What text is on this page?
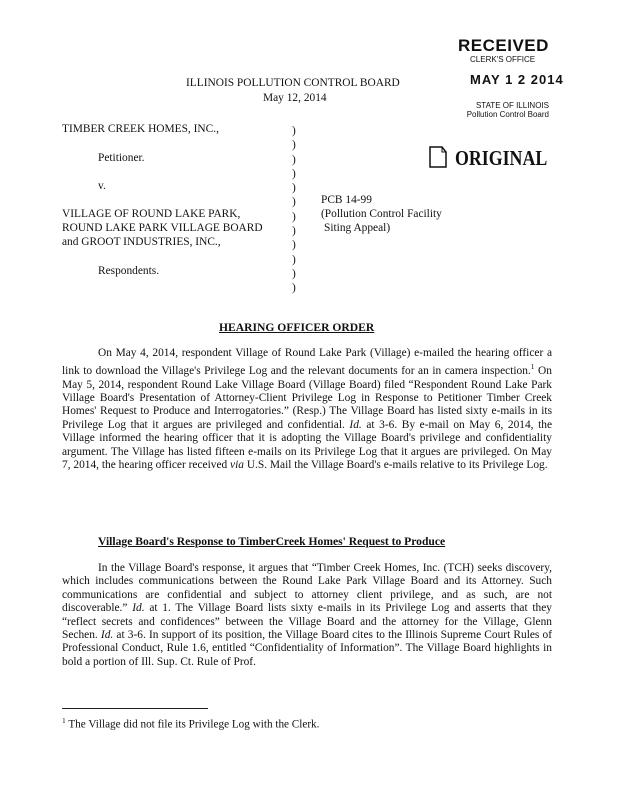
RECEIVED
CLERK'S OFFICE
MAY 1 2 2014
STATE OF ILLINOIS
Pollution Control Board
ORIGINAL
ILLINOIS POLLUTION CONTROL BOARD
May 12, 2014
TIMBER CREEK HOMES, INC.,
Petitioner.
v.
VILLAGE OF ROUND LAKE PARK,
ROUND LAKE PARK VILLAGE BOARD
and GROOT INDUSTRIES, INC.,
Respondents.
)
)
)
)
)
)
)
)
)
)
)
)
PCB 14-99
(Pollution Control Facility
Siting Appeal)
HEARING OFFICER ORDER

On May 4, 2014, respondent Village of Round Lake Park (Village) e-mailed the hearing officer a link to download the Village's Privilege Log and the relevant documents for an in camera inspection.$^1$ On May 5, 2014, respondent Round Lake Village Board (Village Board) filed “Respondent Round Lake Park Village Board's Presentation of Attorney-Client Privilege Log in Response to Petitioner Timber Creek Homes' Request to Produce and Interrogatories.” (Resp.) The Village Board has listed sixty e-mails in its Privilege Log that it argues are privileged and confidential. Id. at 3-6. By e-mail on May 6, 2014, the Village informed the hearing officer that it is adopting the Village Board's privilege and confidentiality argument. The Village has listed fifteen e-mails on its Privilege Log that it argues are privileged. On May 7, 2014, the hearing officer received via U.S. Mail the Village Board's e-mails relative to its Privilege Log.

Village Board's Response to TimberCreek Homes' Request to Produce

In the Village Board's response, it argues that “Timber Creek Homes, Inc. (TCH) seeks discovery, which includes communications between the Round Lake Park Village Board and its Attorney. Such communications are confidential and subject to attorney client privilege, and as such, are not discoverable.” Id. at 1. The Village Board lists sixty e-mails in its Privilege Log and asserts that they “reflect secrets and confidences” between the Village Board and the attorney for the Village, Glenn Sechen. Id. at 3-6. In support of its position, the Village Board cites to the Illinois Supreme Court Rules of Professional Conduct, Rule 1.6, entitled “Confidentiality of Information”. The Village Board highlights in bold a portion of Ill. Sup. Ct. Rule of Prof.

$^1$ The Village did not file its Privilege Log with the Clerk.
